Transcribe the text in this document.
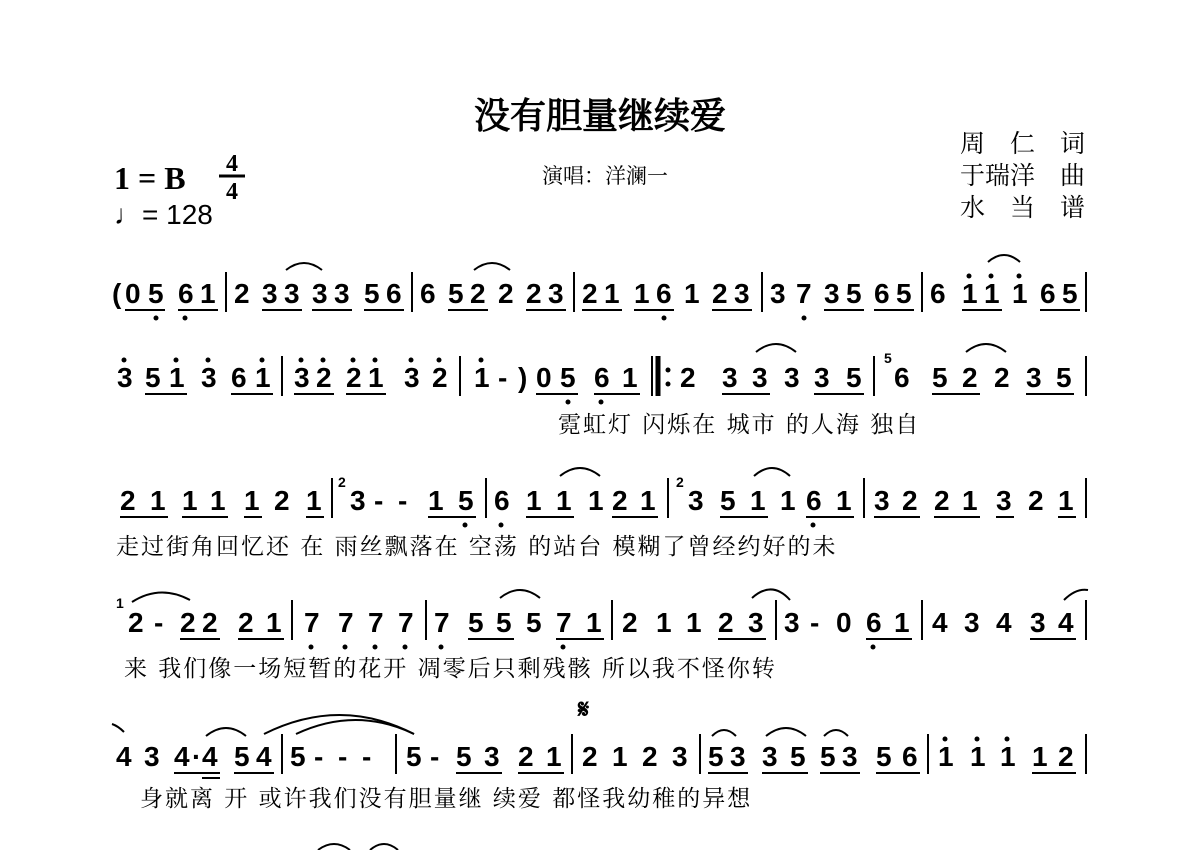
没有胆量继续爱
演唱：洋澜一
周　仁　词
于瑞洋　曲
水　当　谱
1 = B 4
4
♩= 128
( 0 5 6 1 2 3 3 3 3 5 6 6 5 2 2 2 3 2 1 1 6 1 2 3 3 7 3 5 6 5 6 1 1 1 6 5
3 5 1 3 6 1 3 2 2 1 3 2 1 - ) 0 5 6 1 2 3 3 3 3 5
5
6 5 2 2 3 5
霓虹灯 闪烁在 城市 的人海 独自
2 1 1 1 1 2 1
2
3 - - 1 5 6 1 1 1 2 1
2
3 5 1 1 6 1 3 2 2 1 3 2 1
走过街角回忆还 在 雨丝飘落在 空荡 的站台 模糊了曾经约好的未
1
2 - 2 2 2 1 7 7 7 7 7 5 5 5 7 1 2 1 1 2 3 3 - 0 6 1 4 3 4 3 4
来 我们像一场短暂的花开 凋零后只剩残骸 所以我不怪你转
𝄋
4 3 4 · 4 5 4 5 - - - 5 - 5 3 2 1 2 1 2 3 5 3 3 5 5 3 5 6 1 1 1 1 2
身就离 开 或许我们没有胆量继 续爱 都怪我幼稚的异想
